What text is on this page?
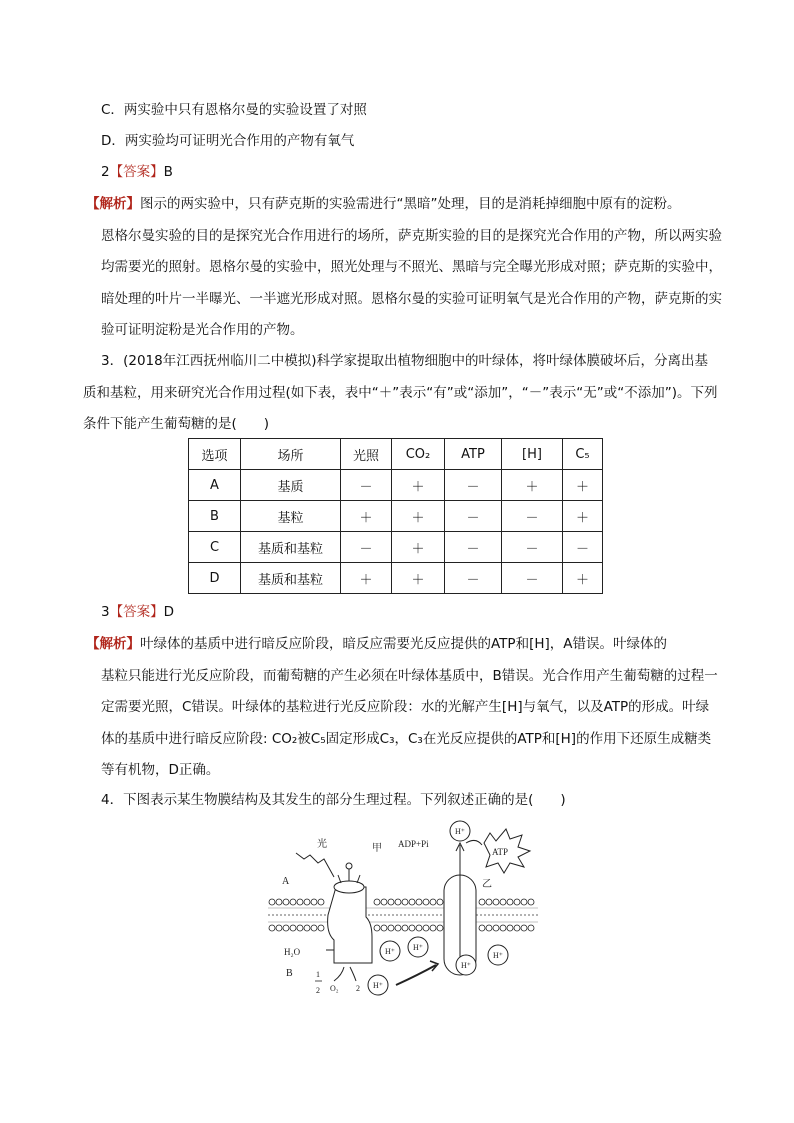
C．两实验中只有恩格尔曼的实验设置了对照
D．两实验均可证明光合作用的产物有氧气
2【答案】B
【解析】图示的两实验中，只有萨克斯的实验需进行“黑暗”处理，目的是消耗掉细胞中原有的淀粉。
恩格尔曼实验的目的是探究光合作用进行的场所，萨克斯实验的目的是探究光合作用的产物，所以两实验
均需要光的照射。恩格尔曼的实验中，照光处理与不照光、黑暗与完全曝光形成对照；萨克斯的实验中，
暗处理的叶片一半曝光、一半遮光形成对照。恩格尔曼的实验可证明氧气是光合作用的产物，萨克斯的实
验可证明淀粉是光合作用的产物。
3．(2018年江西抚州临川二中模拟)科学家提取出植物细胞中的叶绿体，将叶绿体膜破坏后，分离出基
质和基粒，用来研究光合作用过程(如下表，表中“＋”表示“有”或“添加”，“－”表示“无”或“不添加”)。下列
条件下能产生葡萄糖的是(　　)
选项	场所	光照	CO₂	ATP	[H]	C₅
A	基质	－	＋	－	＋	＋
B	基粒	＋	＋	－	－	＋
C	基质和基粒	－	＋	－	－	－
D	基质和基粒	＋	＋	－	－	＋
3【答案】D
【解析】叶绿体的基质中进行暗反应阶段，暗反应需要光反应提供的ATP和[H]，A错误。叶绿体的
基粒只能进行光反应阶段，而葡萄糖的产生必须在叶绿体基质中，B错误。光合作用产生葡萄糖的过程一
定需要光照，C错误。叶绿体的基粒进行光反应阶段：水的光解产生[H]与氧气，以及ATP的形成。叶绿
体的基质中进行暗反应阶段: CO₂被C₅固定形成C₃，C₃在光反应提供的ATP和[H]的作用下还原生成糖类
等有机物，D正确。
4．下图表示某生物膜结构及其发生的部分生理过程。下列叙述正确的是(　　)
H⁺
H⁺ H⁺
H⁺
H⁺
H⁺
光	甲
乙
A
B
H₂O
ADP+Pi
ATP
1
2 O₂ 2
